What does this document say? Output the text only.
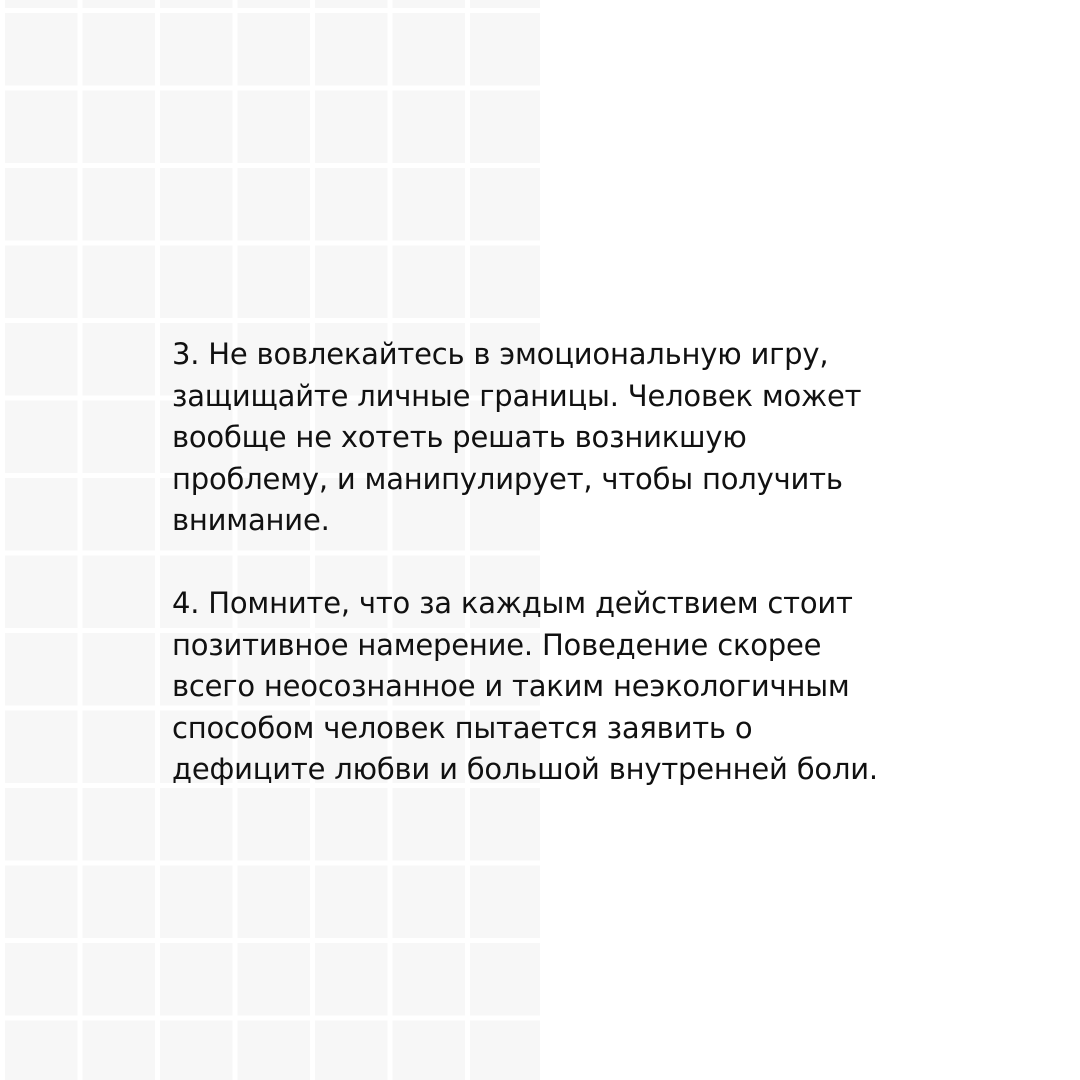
3. Не вовлекайтесь в эмоциональную игру,
защищайте личные границы. Человек может
вообще не хотеть решать возникшую
проблему, и манипулирует, чтобы получить
внимание.

4. Помните, что за каждым действием стоит
позитивное намерение. Поведение скорее
всего неосознанное и таким неэкологичным
способом человек пытается заявить о
дефиците любви и большой внутренней боли.
